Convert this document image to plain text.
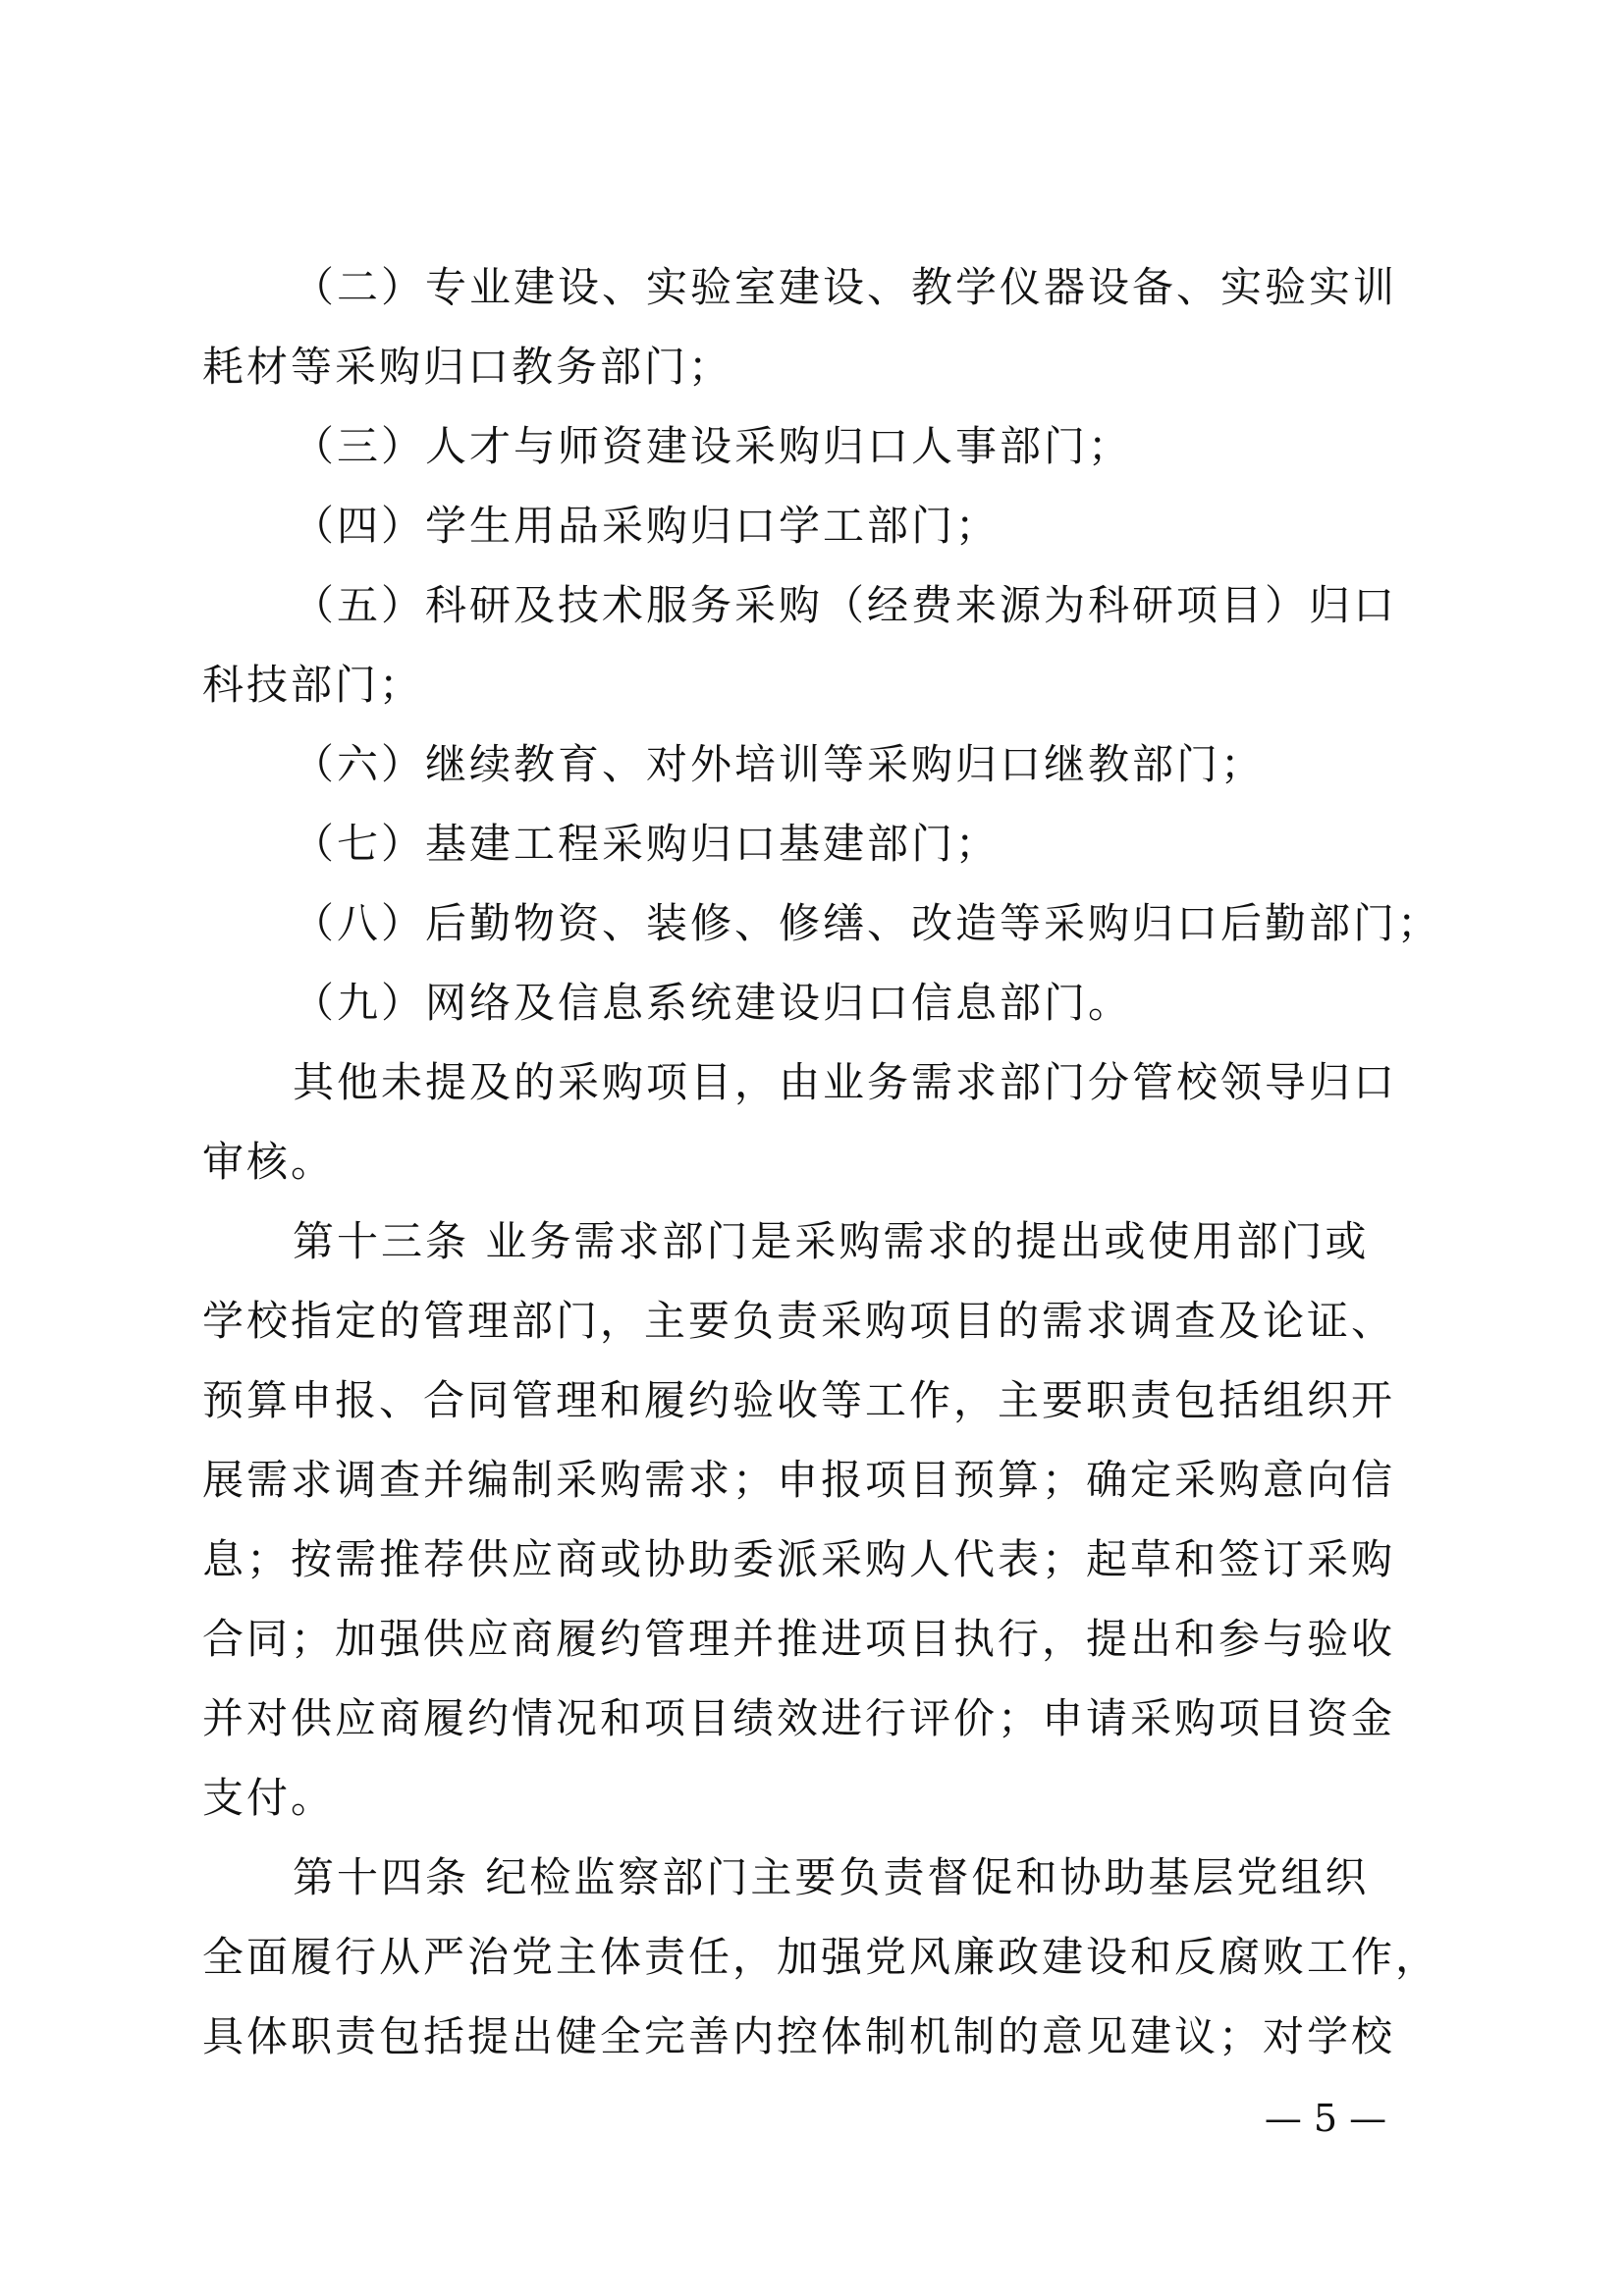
（二）专业建设、实验室建设、教学仪器设备、实验实训
耗材等采购归口教务部门；
（三）人才与师资建设采购归口人事部门；
（四）学生用品采购归口学工部门；
（五）科研及技术服务采购（经费来源为科研项目）归口
科技部门；
（六）继续教育、对外培训等采购归口继教部门；
（七）基建工程采购归口基建部门；
（八）后勤物资、装修、修缮、改造等采购归口后勤部门；
（九）网络及信息系统建设归口信息部门。
其他未提及的采购项目，由业务需求部门分管校领导归口
审核。
第十三条 业务需求部门是采购需求的提出或使用部门或
学校指定的管理部门，主要负责采购项目的需求调查及论证、
预算申报、合同管理和履约验收等工作，主要职责包括组织开
展需求调查并编制采购需求；申报项目预算；确定采购意向信
息；按需推荐供应商或协助委派采购人代表；起草和签订采购
合同；加强供应商履约管理并推进项目执行，提出和参与验收
并对供应商履约情况和项目绩效进行评价；申请采购项目资金
支付。
第十四条 纪检监察部门主要负责督促和协助基层党组织
全面履行从严治党主体责任，加强党风廉政建设和反腐败工作，
具体职责包括提出健全完善内控体制机制的意见建议；对学校
— 5 —
